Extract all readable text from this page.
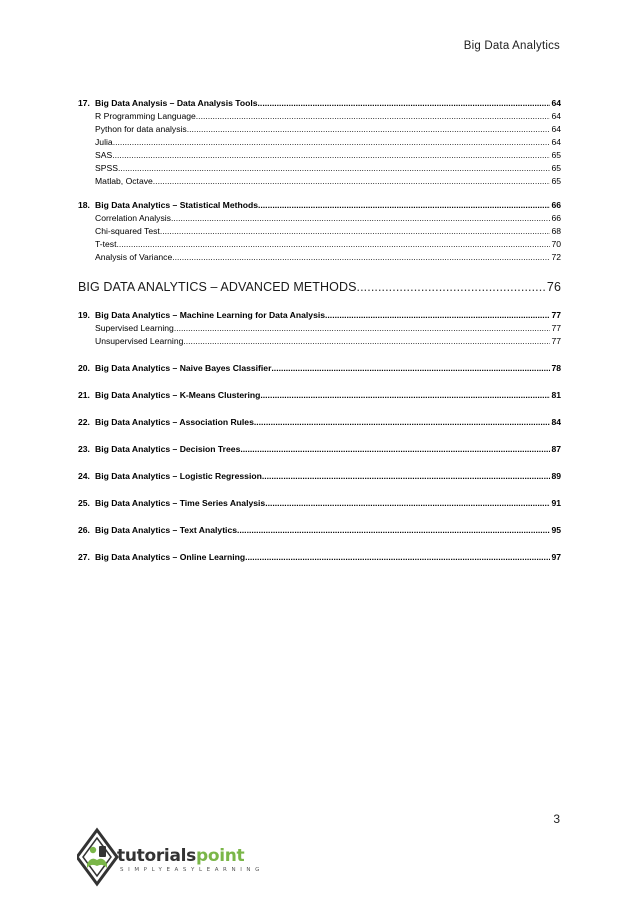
Big Data Analytics
17. Big Data Analysis – Data Analysis Tools .....	64
R Programming Language .....	64
Python for data analysis .....	64
Julia .....	64
SAS .....	65
SPSS .....	65
Matlab, Octave .....	65
18. Big Data Analytics – Statistical Methods .....	66
Correlation Analysis .....	66
Chi-squared Test .....	68
T-test .....	70
Analysis of Variance .....	72
BIG DATA ANALYTICS – ADVANCED METHODS .....	76
19. Big Data Analytics – Machine Learning for Data Analysis .....	77
Supervised Learning .....	77
Unsupervised Learning .....	77
20. Big Data Analytics – Naive Bayes Classifier .....	78
21. Big Data Analytics – K-Means Clustering .....	81
22. Big Data Analytics – Association Rules .....	84
23. Big Data Analytics – Decision Trees .....	87
24. Big Data Analytics – Logistic Regression .....	89
25. Big Data Analytics – Time Series Analysis .....	91
26. Big Data Analytics – Text Analytics .....	95
27. Big Data Analytics – Online Learning .....	97
3
tutorialspoint
SIMPLYEASYLEARNING
